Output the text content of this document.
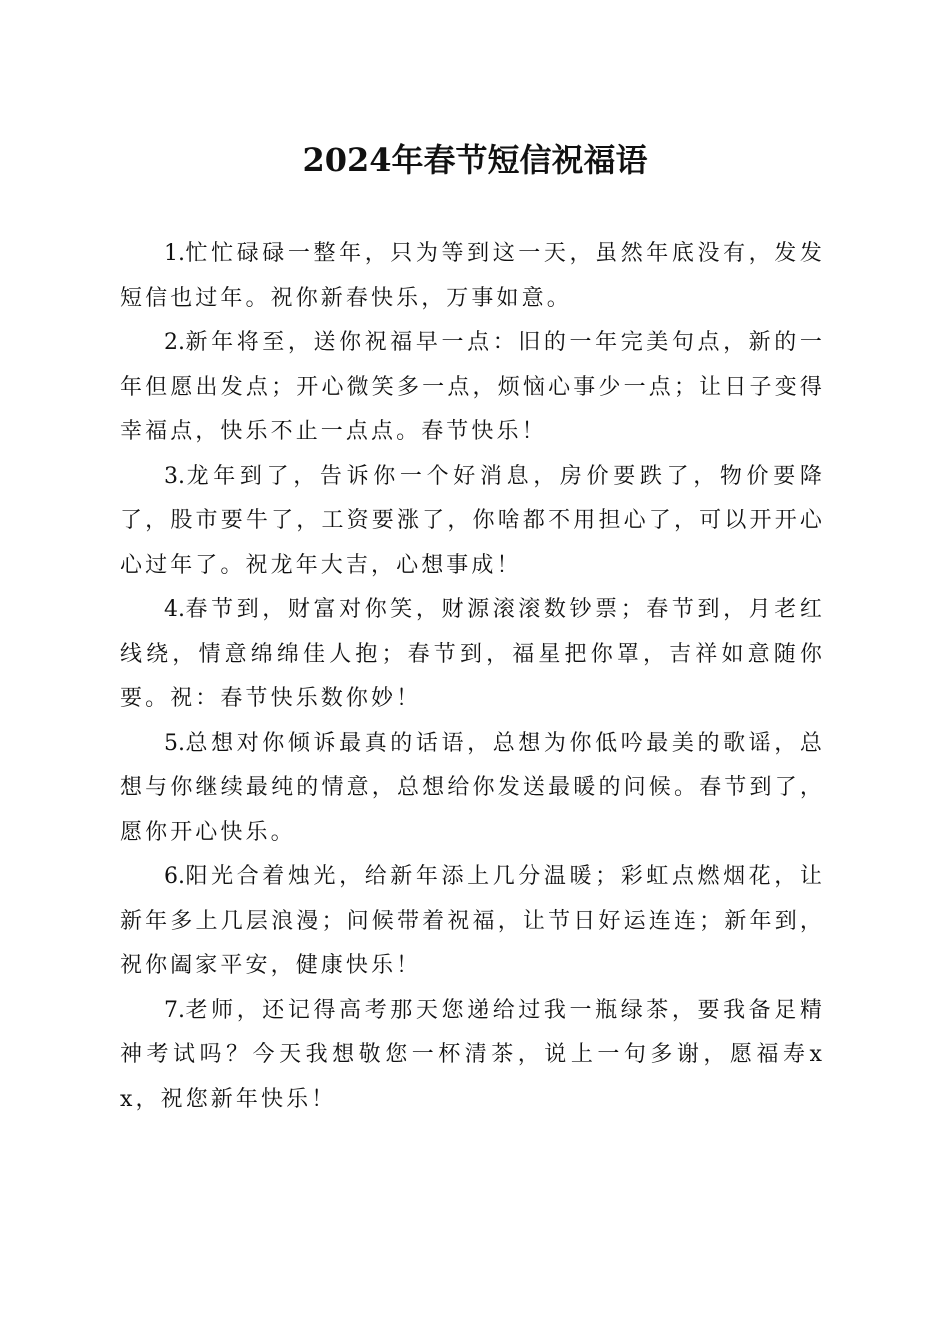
2024年春节短信祝福语

1.忙忙碌碌一整年，只为等到这一天，虽然年底没有，发发短信也过年。祝你新春快乐，万事如意。

2.新年将至，送你祝福早一点：旧的一年完美句点，新的一年但愿出发点；开心微笑多一点，烦恼心事少一点；让日子变得幸福点，快乐不止一点点。春节快乐！

3.龙年到了，告诉你一个好消息，房价要跌了，物价要降了，股市要牛了，工资要涨了，你啥都不用担心了，可以开开心心过年了。祝龙年大吉，心想事成！

4.春节到，财富对你笑，财源滚滚数钞票；春节到，月老红线绕，情意绵绵佳人抱；春节到，福星把你罩，吉祥如意随你要。祝：春节快乐数你妙！

5.总想对你倾诉最真的话语，总想为你低吟最美的歌谣，总想与你继续最纯的情意，总想给你发送最暖的问候。春节到了，愿你开心快乐。

6.阳光合着烛光，给新年添上几分温暖；彩虹点燃烟花，让新年多上几层浪漫；问候带着祝福，让节日好运连连；新年到，祝你阖家平安，健康快乐！

7.老师，还记得高考那天您递给过我一瓶绿茶，要我备足精神考试吗？今天我想敬您一杯清茶，说上一句多谢，愿福寿xx，祝您新年快乐！
